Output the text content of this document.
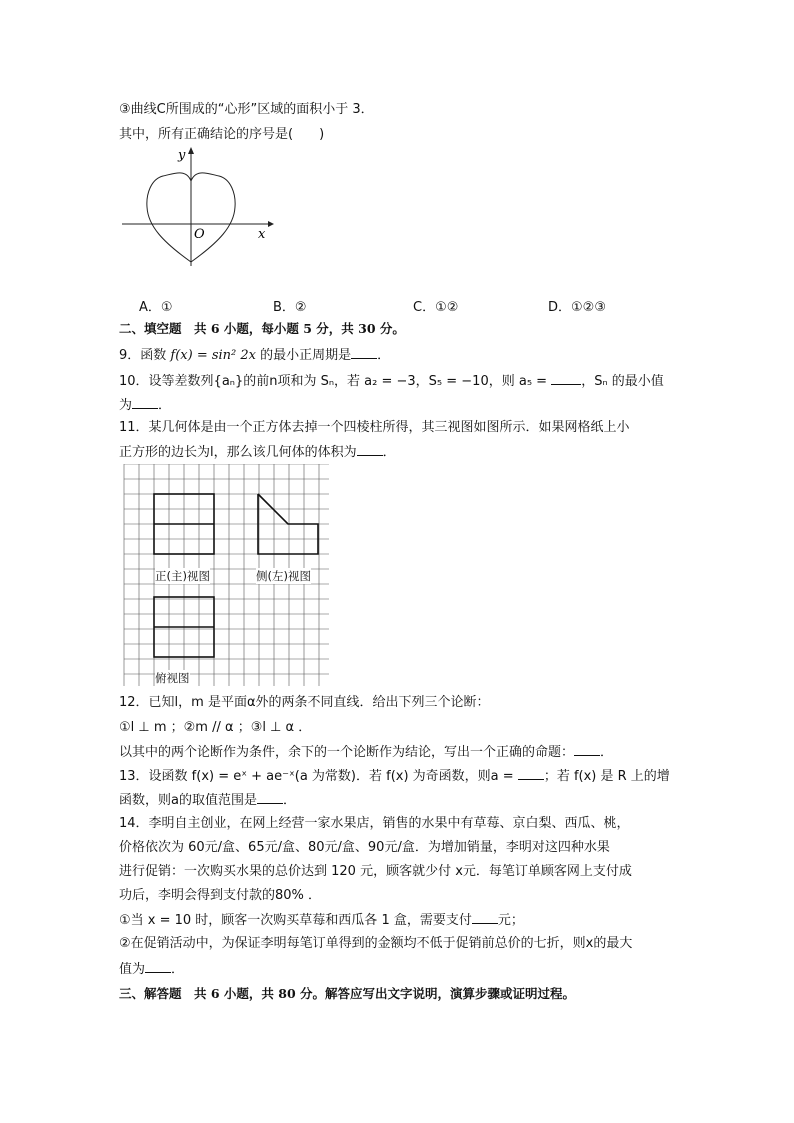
③曲线C所围成的“心形”区域的面积小于 3．
其中，所有正确结论的序号是(　　)
y
x
O
A．①	B．②	C．①②	D．①②③
二、填空题　共 6 小题，每小题 5 分，共 30 分。
9．函数 f(x) = sin² 2x 的最小正周期是 ．
10．设等差数列{aₙ}的前n项和为 Sₙ，若 a₂ = −3，S₅ = −10，则 a₅ = ，Sₙ 的最小值
为 ．
11．某几何体是由一个正方体去掉一个四棱柱所得，其三视图如图所示．如果网格纸上小
正方形的边长为l，那么该几何体的体积为 ．
正(主)视图	侧(左)视图
俯视图
12．已知l，m 是平面α外的两条不同直线．给出下列三个论断：
①l ⊥ m ；②m // α ；③l ⊥ α ．
以其中的两个论断作为条件，余下的一个论断作为结论，写出一个正确的命题： ．
13．设函数 f(x) = eˣ + ae⁻ˣ(a 为常数)．若 f(x) 为奇函数，则a = ；若 f(x) 是 R 上的增
函数，则a的取值范围是 ．
14．李明自主创业，在网上经营一家水果店，销售的水果中有草莓、京白梨、西瓜、桃，
价格依次为 60元/盒、65元/盒、80元/盒、90元/盒．为增加销量，李明对这四种水果
进行促销：一次购买水果的总价达到 120 元，顾客就少付 x元．每笔订单顾客网上支付成
功后，李明会得到支付款的80% ．
①当 x = 10 时，顾客一次购买草莓和西瓜各 1 盒，需要支付 元；
②在促销活动中，为保证李明每笔订单得到的金额均不低于促销前总价的七折，则x的最大
值为 ．
三、解答题　共 6 小题，共 80 分。解答应写出文字说明，演算步骤或证明过程。
